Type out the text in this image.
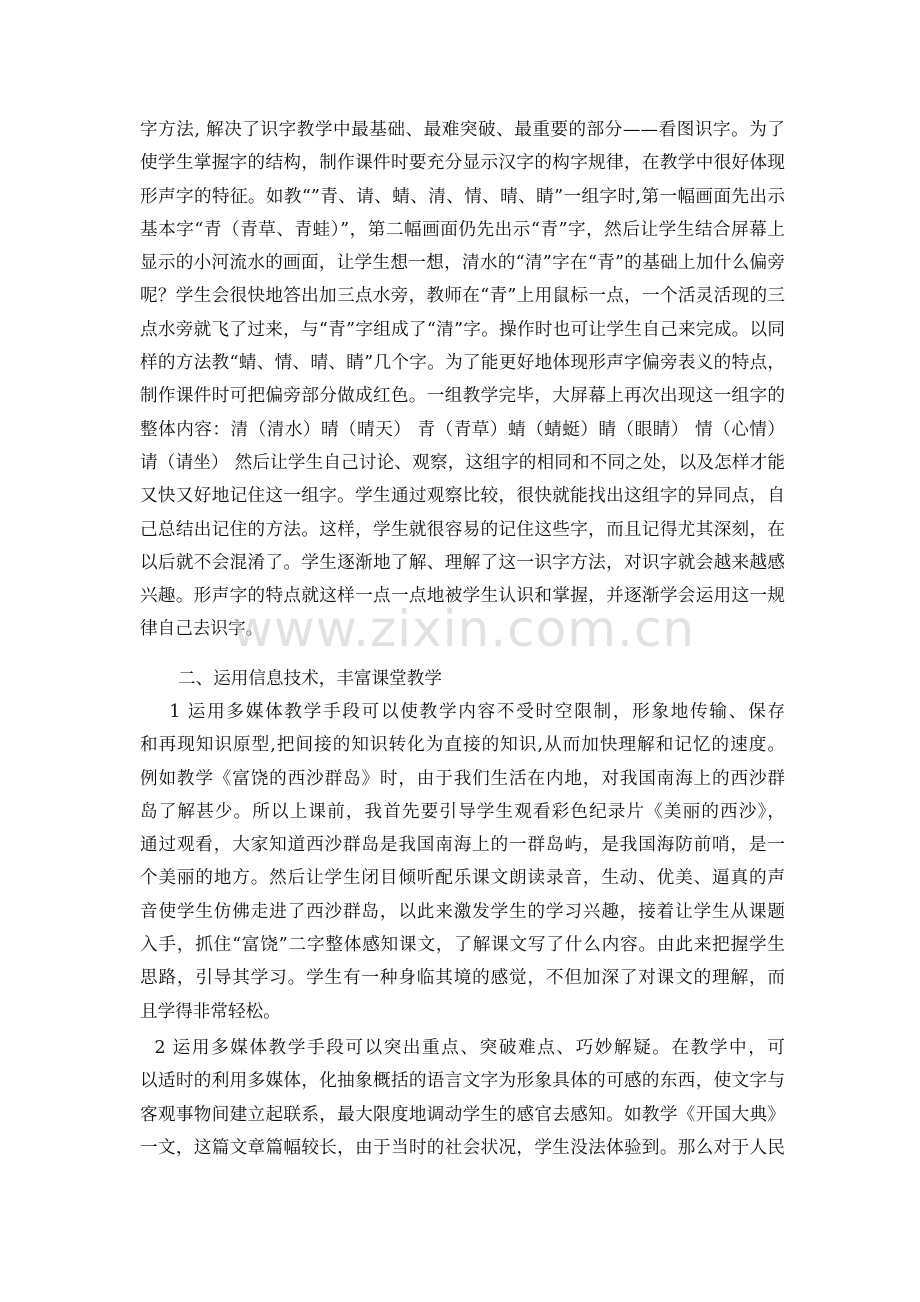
字方法, 解决了识字教学中最基础、最难突破、最重要的部分——看图识字。为了
使学生掌握字的结构，制作课件时要充分显示汉字的构字规律，在教学中很好体现
形声字的特征。如教“”青、请、蜻、清、情、晴、睛”一组字时,第一幅画面先出示
基本字“青（青草、青蛙）”，第二幅画面仍先出示“青”字，然后让学生结合屏幕上
显示的小河流水的画面，让学生想一想，清水的“清”字在“青”的基础上加什么偏旁
呢？学生会很快地答出加三点水旁，教师在“青”上用鼠标一点，一个活灵活现的三
点水旁就飞了过来，与“青”字组成了“清”字。操作时也可让学生自己来完成。以同
样的方法教“蜻、情、晴、睛”几个字。为了能更好地体现形声字偏旁表义的特点，
制作课件时可把偏旁部分做成红色。一组教学完毕，大屏幕上再次出现这一组字的
整体内容：清（清水）晴（晴天） 青（青草）蜻（蜻蜓）睛（眼睛） 情（心情）
请（请坐） 然后让学生自己讨论、观察，这组字的相同和不同之处，以及怎样才能
又快又好地记住这一组字。学生通过观察比较，很快就能找出这组字的异同点，自
己总结出记住的方法。这样，学生就很容易的记住这些字，而且记得尤其深刻，在
以后就不会混淆了。学生逐渐地了解、理解了这一识字方法，对识字就会越来越感
兴趣。形声字的特点就这样一点一点地被学生认识和掌握，并逐渐学会运用这一规
律自己去识字。
二、运用信息技术，丰富课堂教学
1 运用多媒体教学手段可以使教学内容不受时空限制，形象地传输、保存
和再现知识原型,把间接的知识转化为直接的知识,从而加快理解和记忆的速度。
例如教学《富饶的西沙群岛》时，由于我们生活在内地，对我国南海上的西沙群
岛了解甚少。所以上课前，我首先要引导学生观看彩色纪录片《美丽的西沙》，
通过观看，大家知道西沙群岛是我国南海上的一群岛屿，是我国海防前哨，是一
个美丽的地方。然后让学生闭目倾听配乐课文朗读录音，生动、优美、逼真的声
音使学生仿佛走进了西沙群岛，以此来激发学生的学习兴趣，接着让学生从课题
入手，抓住“富饶”二字整体感知课文，了解课文写了什么内容。由此来把握学生
思路，引导其学习。学生有一种身临其境的感觉，不但加深了对课文的理解，而
且学得非常轻松。
2 运用多媒体教学手段可以突出重点、突破难点、巧妙解疑。在教学中，可
以适时的利用多媒体，化抽象概括的语言文字为形象具体的可感的东西，使文字与
客观事物间建立起联系，最大限度地调动学生的感官去感知。如教学《开国大典》
一文，这篇文章篇幅较长，由于当时的社会状况，学生没法体验到。那么对于人民
www.zixin.com.cn
